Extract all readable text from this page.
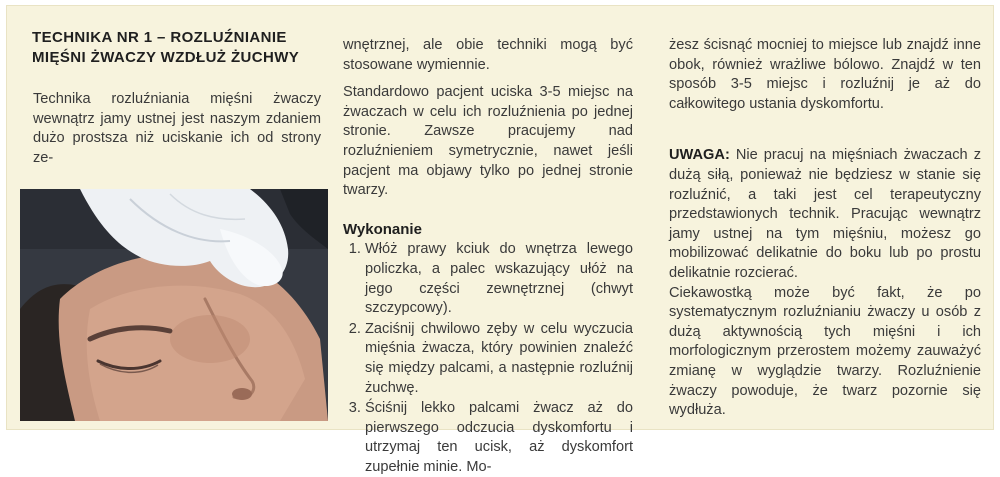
TECHNIKA NR 1 – ROZLUŹNIANIE
MIĘŚNI ŻWACZY WZDŁUŻ ŻUCHWY

Technika rozluźniania mięśni żwaczy wewnątrz jamy ustnej jest naszym zdaniem dużo prostsza niż uciskanie ich od strony ze-

wnętrznej, ale obie techniki mogą być stosowane wymiennie.

Standardowo pacjent uciska 3-5 miejsc na żwaczach w celu ich rozluźnienia po jednej stronie. Zawsze pracujemy nad rozluźnieniem symetrycznie, nawet jeśli pacjent ma objawy tylko po jednej stronie twarzy.

Wykonanie

1. Włóż prawy kciuk do wnętrza lewego policzka, a palec wskazujący ułóż na jego części zewnętrznej (chwyt szczypcowy).
2. Zaciśnij chwilowo zęby w celu wyczucia mięśnia żwacza, który powinien znaleźć się między palcami, a następnie rozluźnij żuchwę.
3. Ściśnij lekko palcami żwacz aż do pierwszego odczucia dyskomfortu i utrzymaj ten ucisk, aż dyskomfort zupełnie minie. Mo-

żesz ścisnąć mocniej to miejsce lub znajdź inne obok, również wrażliwe bólowo. Znajdź w ten sposób 3-5 miejsc i rozluźnij je aż do całkowitego ustania dyskomfortu.

UWAGA: Nie pracuj na mięśniach żwaczach z dużą siłą, ponieważ nie będziesz w stanie się rozluźnić, a taki jest cel terapeutyczny przedstawionych technik. Pracując wewnątrz jamy ustnej na tym mięśniu, możesz go mobilizować delikatnie do boku lub po prostu delikatnie rozcierać.

Ciekawostką może być fakt, że po systematycznym rozluźnianiu żwaczy u osób z dużą aktywnością tych mięśni i ich morfologicznym przerostem możemy zauważyć zmianę w wyglądzie twarzy. Rozluźnienie żwaczy powoduje, że twarz pozornie się wydłuża.
